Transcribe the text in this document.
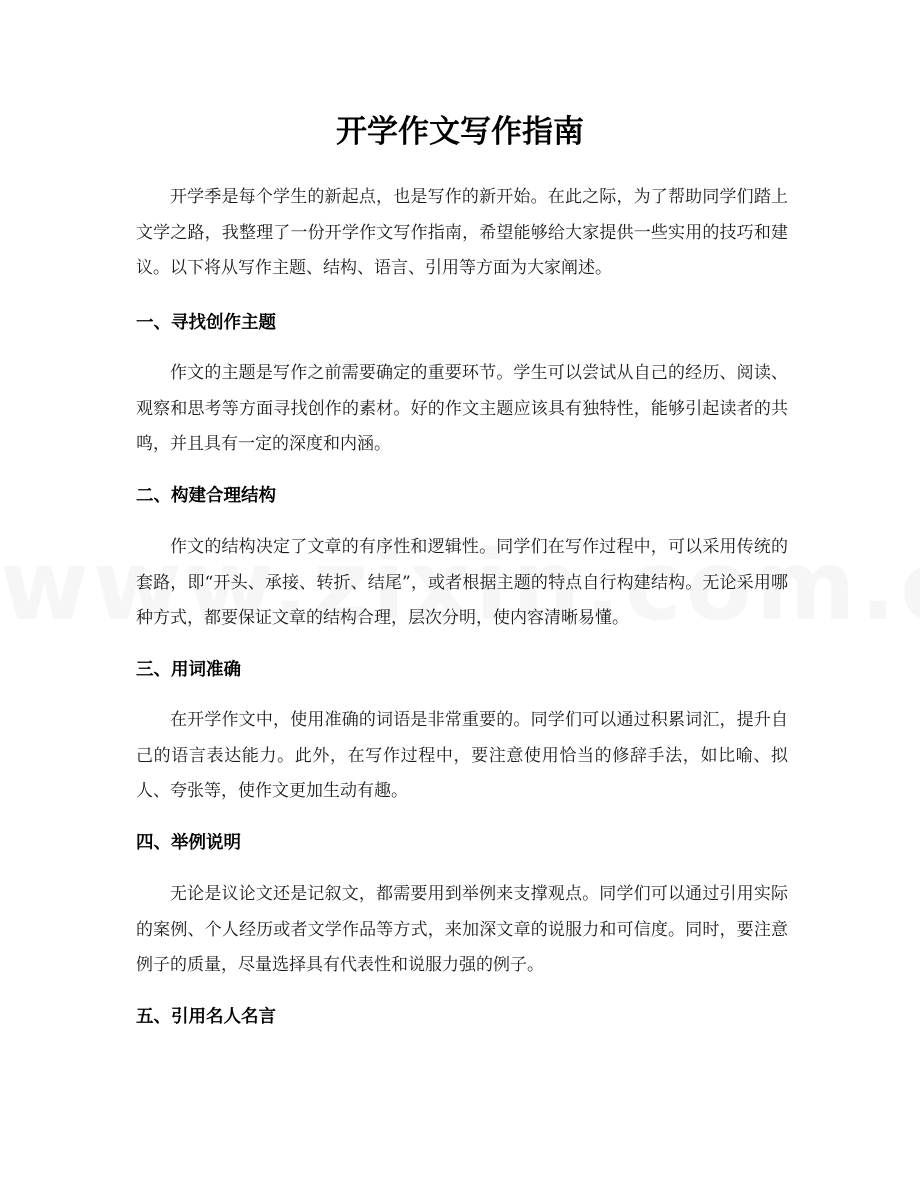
开学作文写作指南

开学季是每个学生的新起点，也是写作的新开始。在此之际，为了帮助同学们踏上文学之路，我整理了一份开学作文写作指南，希望能够给大家提供一些实用的技巧和建议。以下将从写作主题、结构、语言、引用等方面为大家阐述。

一、寻找创作主题

作文的主题是写作之前需要确定的重要环节。学生可以尝试从自己的经历、阅读、观察和思考等方面寻找创作的素材。好的作文主题应该具有独特性，能够引起读者的共鸣，并且具有一定的深度和内涵。

二、构建合理结构

作文的结构决定了文章的有序性和逻辑性。同学们在写作过程中，可以采用传统的套路，即“开头、承接、转折、结尾”，或者根据主题的特点自行构建结构。无论采用哪种方式，都要保证文章的结构合理，层次分明，使内容清晰易懂。

三、用词准确

在开学作文中，使用准确的词语是非常重要的。同学们可以通过积累词汇，提升自己的语言表达能力。此外，在写作过程中，要注意使用恰当的修辞手法，如比喻、拟人、夸张等，使作文更加生动有趣。

四、举例说明

无论是议论文还是记叙文，都需要用到举例来支撑观点。同学们可以通过引用实际的案例、个人经历或者文学作品等方式，来加深文章的说服力和可信度。同时，要注意例子的质量，尽量选择具有代表性和说服力强的例子。

五、引用名人名言
